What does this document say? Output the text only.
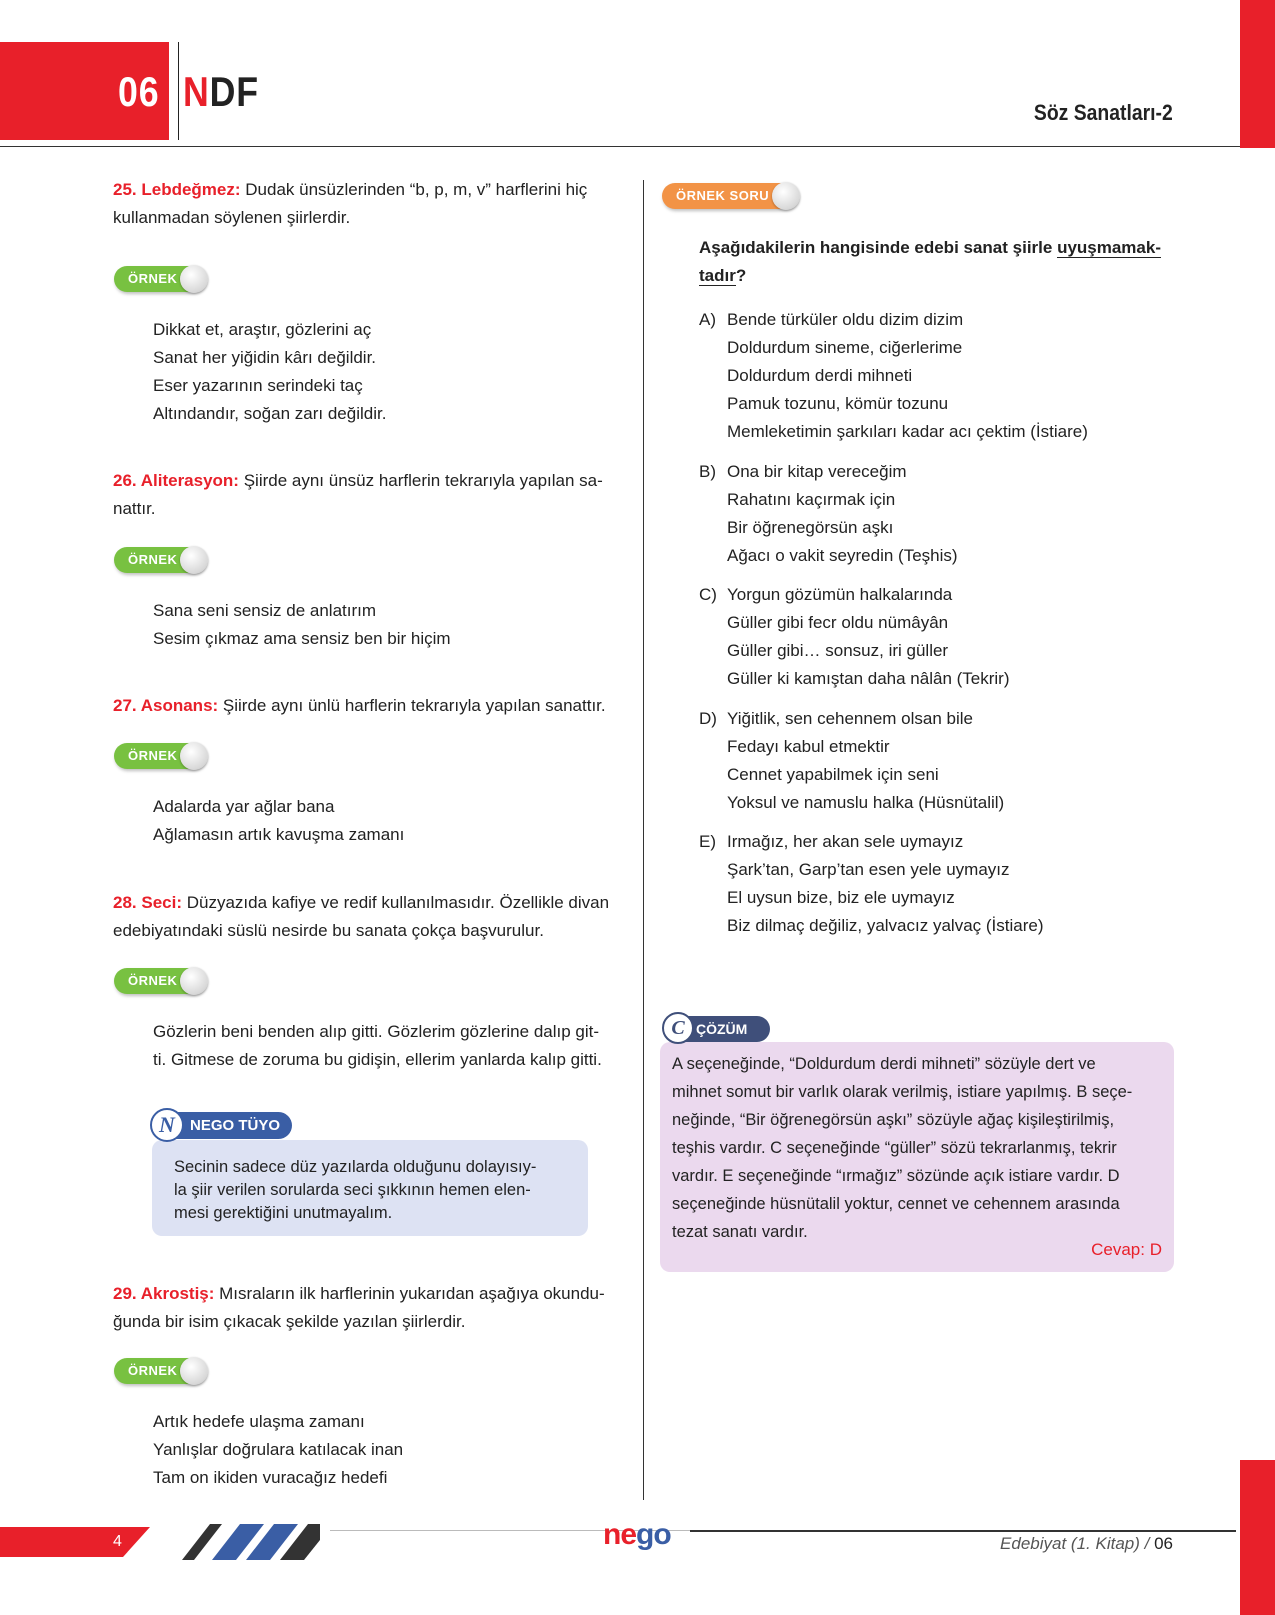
06 NDF	Söz Sanatları-2
25. Lebdeğmez: Dudak ünsüzlerinden “b, p, m, v” harflerini hiç
kullanmadan söylenen şiirlerdir.
ÖRNEK
Dikkat et, araştır, gözlerini aç
Sanat her yiğidin kârı değildir.
Eser yazarının serindeki taç
Altındandır, soğan zarı değildir.
26. Aliterasyon: Şiirde aynı ünsüz harflerin tekrarıyla yapılan sa-
nattır.
ÖRNEK
Sana seni sensiz de anlatırım
Sesim çıkmaz ama sensiz ben bir hiçim
27. Asonans: Şiirde aynı ünlü harflerin tekrarıyla yapılan sanattır.
ÖRNEK
Adalarda yar ağlar bana
Ağlamasın artık kavuşma zamanı
28. Seci: Düzyazıda kafiye ve redif kullanılmasıdır. Özellikle divan
edebiyatındaki süslü nesirde bu sanata çokça başvurulur.
ÖRNEK
Gözlerin beni benden alıp gitti. Gözlerim gözlerine dalıp git-
ti. Gitmese de zoruma bu gidişin, ellerim yanlarda kalıp gitti.
Secinin sadece düz yazılarda olduğunu dolayısıy-
la şiir verilen sorularda seci şıkkının hemen elen-
mesi gerektiğini unutmayalım.
NEGO TÜYO
N
29. Akrostiş: Mısraların ilk harflerinin yukarıdan aşağıya okundu-
ğunda bir isim çıkacak şekilde yazılan şiirlerdir.
ÖRNEK
Artık hedefe ulaşma zamanı
Yanlışlar doğrulara katılacak inan
Tam on ikiden vuracağız hedefi
ÖRNEK SORU
Aşağıdakilerin hangisinde edebi sanat şiirle uyuşmamak-
tadır?
A) Bende türküler oldu dizim dizim
Doldurdum sineme, ciğerlerime
Doldurdum derdi mihneti
Pamuk tozunu, kömür tozunu
Memleketimin şarkıları kadar acı çektim (İstiare)
B) Ona bir kitap vereceğim
Rahatını kaçırmak için
Bir öğrenegörsün aşkı
Ağacı o vakit seyredin (Teşhis)
C) Yorgun gözümün halkalarında
Güller gibi fecr oldu nümâyân
Güller gibi… sonsuz, iri güller
Güller ki kamıştan daha nâlân (Tekrir)
D) Yiğitlik, sen cehennem olsan bile
Fedayı kabul etmektir
Cennet yapabilmek için seni
Yoksul ve namuslu halka (Hüsnütalil)
E) Irmağız, her akan sele uymayız
Şark’tan, Garp’tan esen yele uymayız
El uysun bize, biz ele uymayız
Biz dilmaç değiliz, yalvacız yalvaç (İstiare)
A seçeneğinde, “Doldurdum derdi mihneti” sözüyle dert ve
mihnet somut bir varlık olarak verilmiş, istiare yapılmış. B seçe-
neğinde, “Bir öğrenegörsün aşkı” sözüyle ağaç kişileştirilmiş,
teşhis vardır. C seçeneğinde “güller” sözü tekrarlanmış, tekrir
vardır. E seçeneğinde “ırmağız” sözünde açık istiare vardır. D
seçeneğinde hüsnütalil yoktur, cennet ve cehennem arasında
tezat sanatı vardır.
Cevap: D
ÇÖZÜM
C
4	nego	Edebiyat (1. Kitap) / 06
